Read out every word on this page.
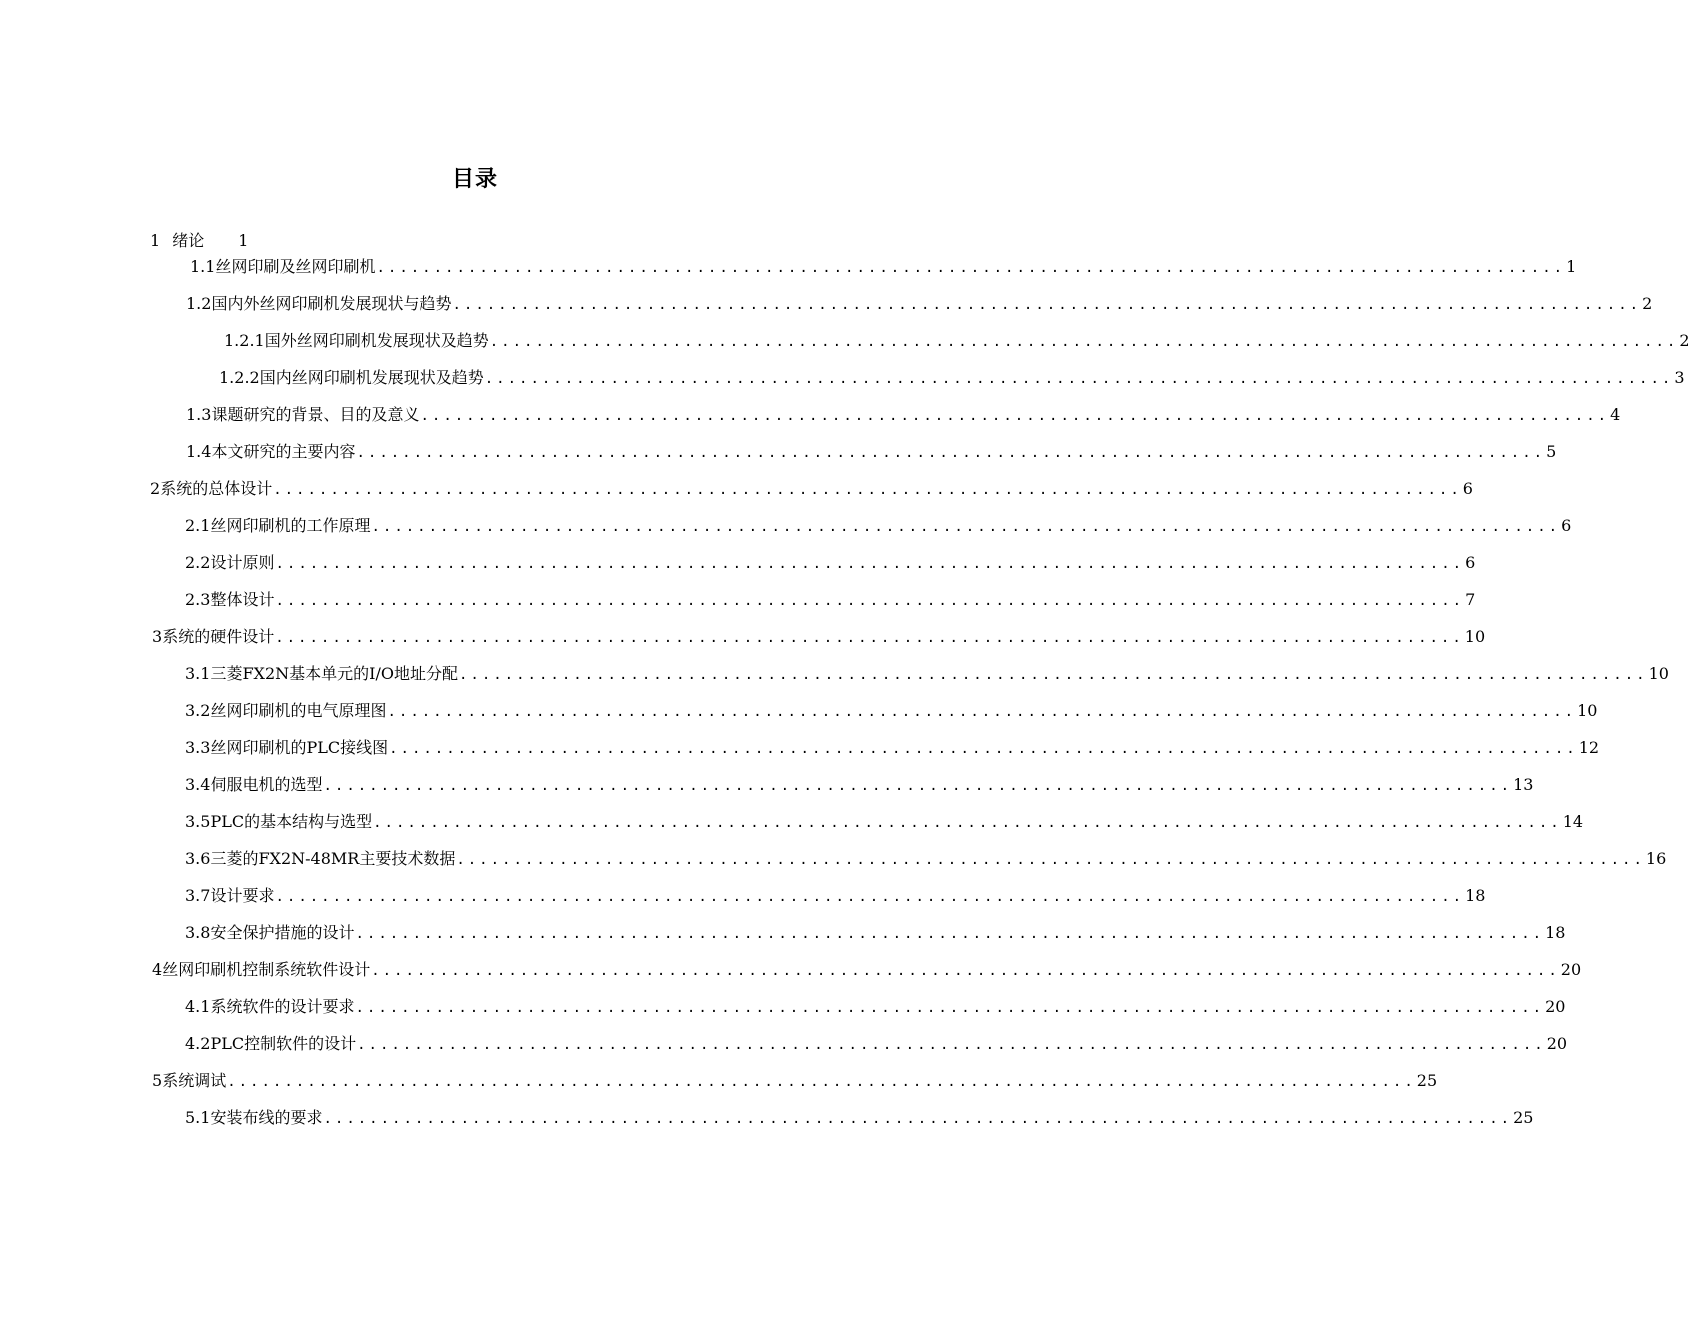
目录
1 绪论 1
1.1 丝网印刷及丝网印刷机 ........................................................................................................ 1
1.2 国内外丝网印刷机发展现状与趋势 ........................................................................................................ 2
1.2.1 国外丝网印刷机发展现状及趋势 ........................................................................................................ 2
1.2.2 国内丝网印刷机发展现状及趋势 ........................................................................................................ 3
1.3 课题研究的背景、目的及意义 ........................................................................................................ 4
1.4 本文研究的主要内容 ........................................................................................................ 5
2 系统的总体设计 ........................................................................................................ 6
2.1 丝网印刷机的工作原理 ........................................................................................................ 6
2.2 设计原则 ........................................................................................................ 6
2.3 整体设计 ........................................................................................................ 7
3 系统的硬件设计 ........................................................................................................ 10
3.1 三菱FX2N基本单元的I/O地址分配 ........................................................................................................ 10
3.2 丝网印刷机的电气原理图 ........................................................................................................ 10
3.3 丝网印刷机的PLC接线图 ........................................................................................................ 12
3.4 伺服电机的选型 ........................................................................................................ 13
3.5 PLC的基本结构与选型 ........................................................................................................ 14
3.6 三菱的FX2N-48MR主要技术数据 ........................................................................................................ 16
3.7 设计要求 ........................................................................................................ 18
3.8 安全保护措施的设计 ........................................................................................................ 18
4 丝网印刷机控制系统软件设计 ........................................................................................................ 20
4.1 系统软件的设计要求 ........................................................................................................ 20
4.2 PLC控制软件的设计 ........................................................................................................ 20
5 系统调试 ........................................................................................................ 25
5.1 安装布线的要求 ........................................................................................................ 25
